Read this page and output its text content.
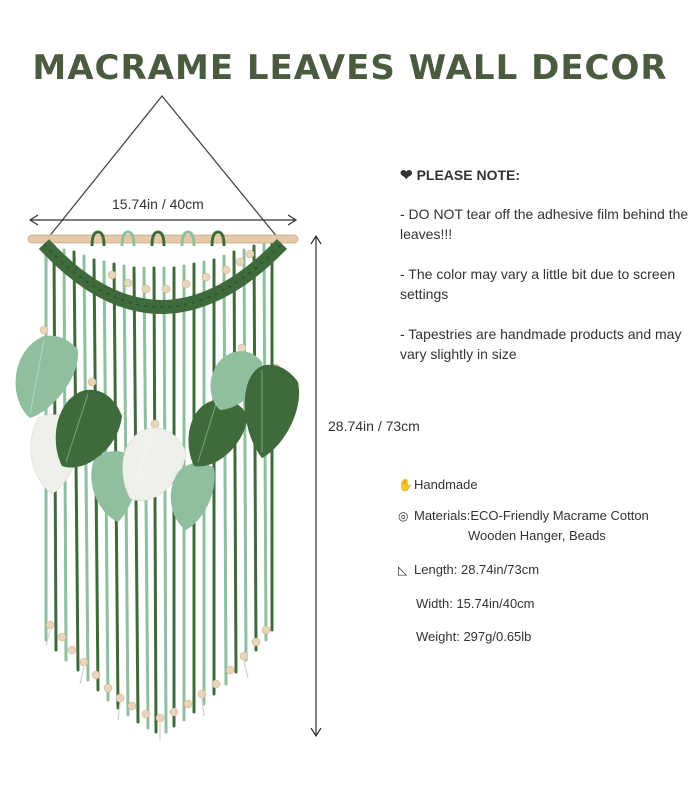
MACRAME LEAVES WALL DECOR
15.74in / 40cm
28.74in / 73cm
❤ PLEASE NOTE:
- DO NOT tear off the adhesive film behind the leaves!!!
- The color may vary a little bit due to screen settings
- Tapestries are handmade products and may vary slightly in size
✋Handmade
◎ Materials:ECO-Friendly Macrame Cotton
Wooden Hanger, Beads
◺ Length: 28.74in/73cm
Width: 15.74in/40cm
Weight: 297g/0.65lb
